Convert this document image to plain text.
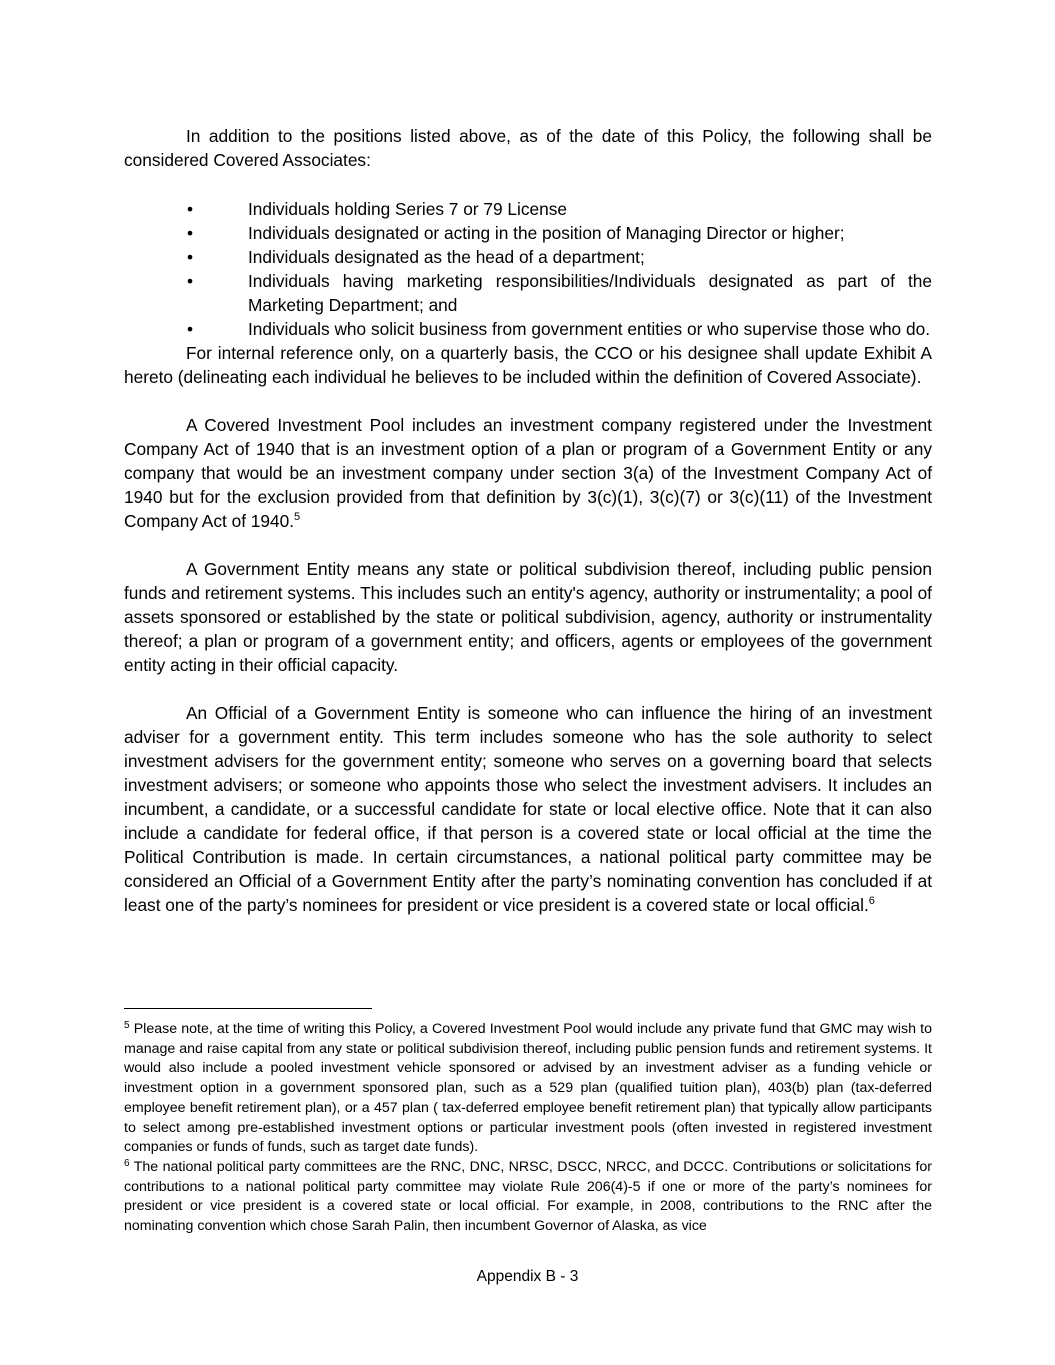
In addition to the positions listed above, as of the date of this Policy, the following shall be considered Covered Associates:

•	Individuals holding Series 7 or 79 License
•	Individuals designated or acting in the position of Managing Director or higher;
•	Individuals designated as the head of a department;
•	Individuals having marketing responsibilities/Individuals designated as part of the Marketing Department; and
•	Individuals who solicit business from government entities or who supervise those who do.

For internal reference only, on a quarterly basis, the CCO or his designee shall update Exhibit A hereto (delineating each individual he believes to be included within the definition of Covered Associate).

A Covered Investment Pool includes an investment company registered under the Investment Company Act of 1940 that is an investment option of a plan or program of a Government Entity or any company that would be an investment company under section 3(a) of the Investment Company Act of 1940 but for the exclusion provided from that definition by 3(c)(1), 3(c)(7) or 3(c)(11) of the Investment Company Act of 1940.$^5$

A Government Entity means any state or political subdivision thereof, including public pension funds and retirement systems. This includes such an entity's agency, authority or instrumentality; a pool of assets sponsored or established by the state or political subdivision, agency, authority or instrumentality thereof; a plan or program of a government entity; and officers, agents or employees of the government entity acting in their official capacity.

An Official of a Government Entity is someone who can influence the hiring of an investment adviser for a government entity. This term includes someone who has the sole authority to select investment advisers for the government entity; someone who serves on a governing board that selects investment advisers; or someone who appoints those who select the investment advisers. It includes an incumbent, a candidate, or a successful candidate for state or local elective office. Note that it can also include a candidate for federal office, if that person is a covered state or local official at the time the Political Contribution is made. In certain circumstances, a national political party committee may be considered an Official of a Government Entity after the party’s nominating convention has concluded if at least one of the party’s nominees for president or vice president is a covered state or local official.$^6$

$^5$ Please note, at the time of writing this Policy, a Covered Investment Pool would include any private fund that GMC may wish to manage and raise capital from any state or political subdivision thereof, including public pension funds and retirement systems. It would also include a pooled investment vehicle sponsored or advised by an investment adviser as a funding vehicle or investment option in a government sponsored plan, such as a 529 plan (qualified tuition plan), 403(b) plan (tax-deferred employee benefit retirement plan), or a 457 plan ( tax-deferred employee benefit retirement plan) that typically allow participants to select among pre-established investment options or particular investment pools (often invested in registered investment companies or funds of funds, such as target date funds).

$^6$ The national political party committees are the RNC, DNC, NRSC, DSCC, NRCC, and DCCC. Contributions or solicitations for contributions to a national political party committee may violate Rule 206(4)-5 if one or more of the party’s nominees for president or vice president is a covered state or local official. For example, in 2008, contributions to the RNC after the nominating convention which chose Sarah Palin, then incumbent Governor of Alaska, as vice

Appendix B - 3
